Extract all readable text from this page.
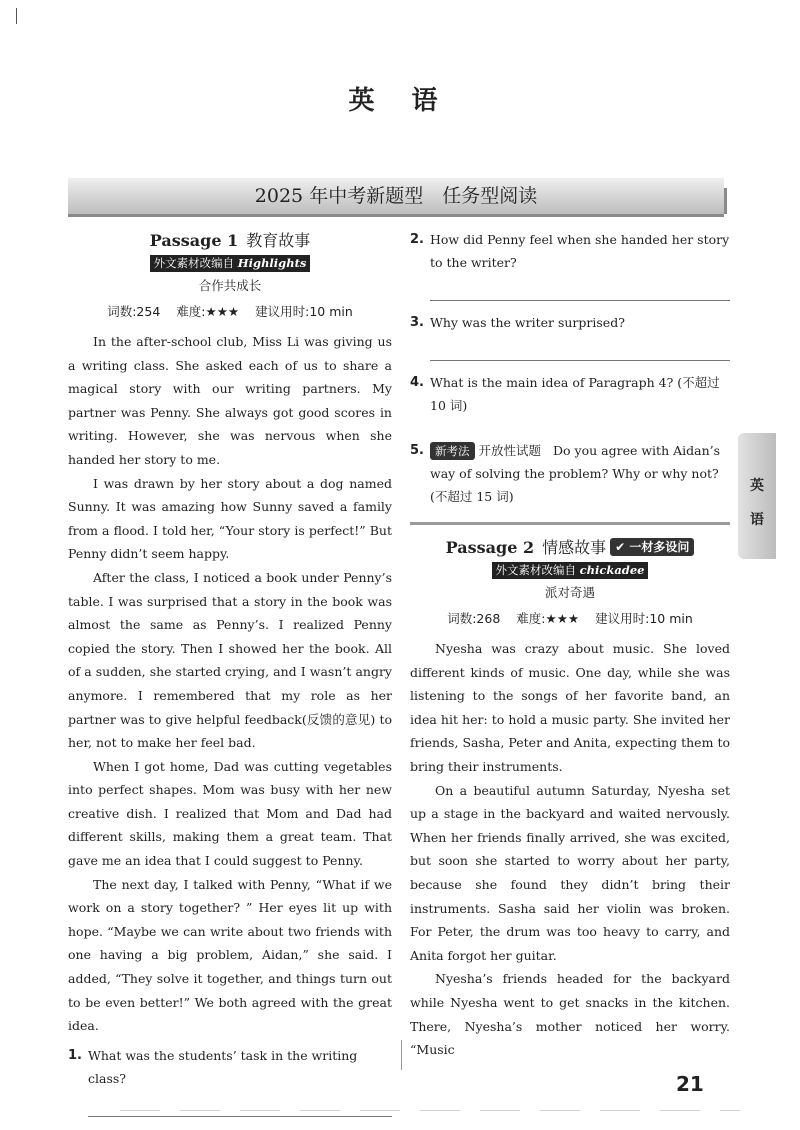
英 语
2025 年中考新题型　任务型阅读
Passage 1 教育故事
外文素材改编自 Highlights
合作共成长
词数:254 难度:★★★ 建议用时:10 min

In the after-school club, Miss Li was giving us a writing class. She asked each of us to share a magical story with our writing partners. My partner was Penny. She always got good scores in writing. However, she was nervous when she handed her story to me.

I was drawn by her story about a dog named Sunny. It was amazing how Sunny saved a family from a flood. I told her, “Your story is perfect!” But Penny didn’t seem happy.

After the class, I noticed a book under Penny’s table. I was surprised that a story in the book was almost the same as Penny’s. I realized Penny copied the story. Then I showed her the book. All of a sudden, she started crying, and I wasn’t angry anymore. I remembered that my role as her partner was to give helpful feedback(反馈的意见) to her, not to make her feel bad.

When I got home, Dad was cutting vegetables into perfect shapes. Mom was busy with her new creative dish. I realized that Mom and Dad had different skills, making them a great team. That gave me an idea that I could suggest to Penny.

The next day, I talked with Penny, “What if we work on a story together? ” Her eyes lit up with hope. “Maybe we can write about two friends with one having a big problem, Aidan,” she said. I added, “They solve it together, and things turn out to be even better!” We both agreed with the great idea.

1. What was the students’ task in the writing class?
2. How did Penny feel when she handed her story to the writer?
3. Why was the writer surprised?
4. What is the main idea of Paragraph 4? (不超过 10 词)
5. 新考法 开放性试题 Do you agree with Aidan’s way of solving the problem? Why or why not? (不超过 15 词)
Passage 2 情感故事 ✔ 一材多设问
外文素材改编自 chickadee
派对奇遇
词数:268 难度:★★★ 建议用时:10 min

Nyesha was crazy about music. She loved different kinds of music. One day, while she was listening to the songs of her favorite band, an idea hit her: to hold a music party. She invited her friends, Sasha, Peter and Anita, expecting them to bring their instruments.

On a beautiful autumn Saturday, Nyesha set up a stage in the backyard and waited nervously. When her friends finally arrived, she was excited, but soon she started to worry about her party, because she found they didn’t bring their instruments. Sasha said her violin was broken. For Peter, the drum was too heavy to carry, and Anita forgot her guitar.

Nyesha’s friends headed for the backyard while Nyesha went to get snacks in the kitchen. There, Nyesha’s mother noticed her worry. “Music

英
语
21
